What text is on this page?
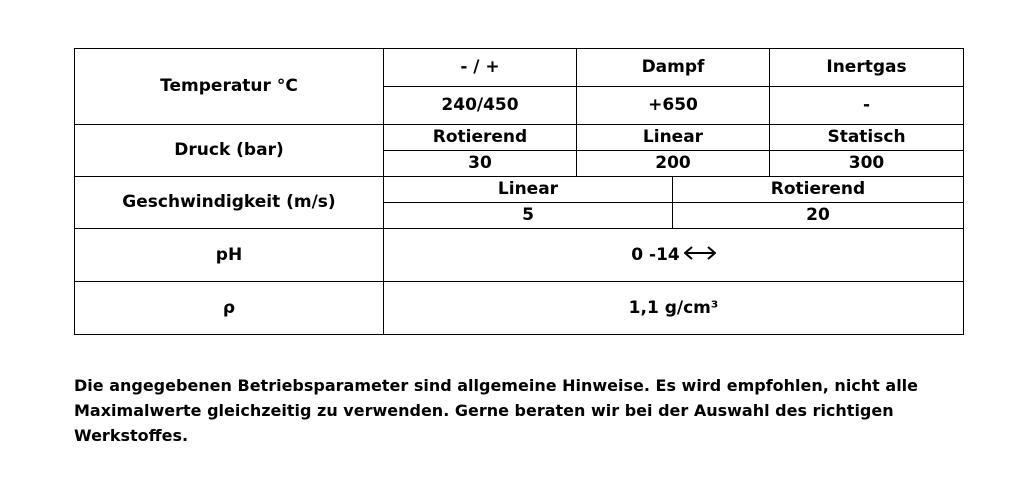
Temperatur °C	- / +	Dampf		Inertgas
	240/450	+650		-
Druck (bar)	Rotierend	Linear		Statisch
	30	200		300
Geschwindigkeit (m/s)	Linear		Rotierend	
	5		20	
pH	0 -14			
ρ	1,1 g/cm³			

Die angegebenen Betriebsparameter sind allgemeine Hinweise. Es wird empfohlen, nicht alle Maximalwerte gleichzeitig zu verwenden. Gerne beraten wir bei der Auswahl des richtigen Werkstoffes.
